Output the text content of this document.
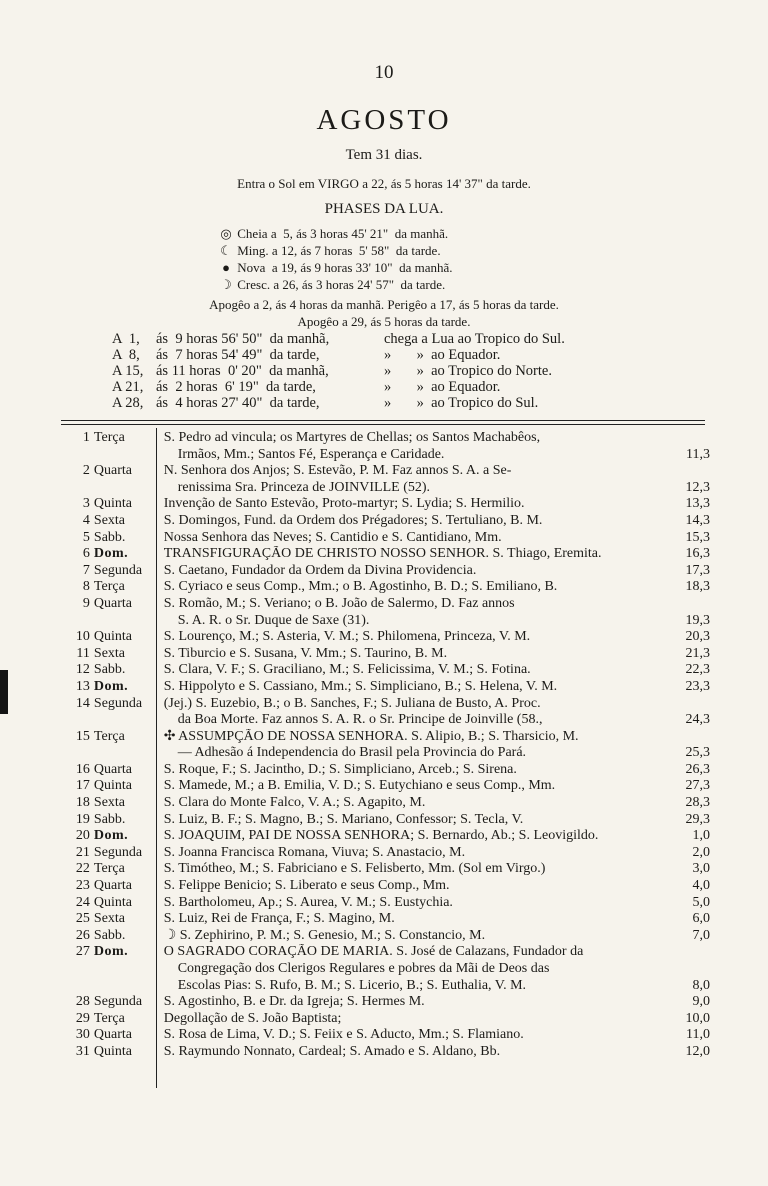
10
AGOSTO
Tem 31 dias.
Entra o Sol em VIRGO a 22, ás 5 horas 14' 37" da tarde.
PHASES DA LUA.
◎ Cheia a  5, ás 3 horas 45' 21"  da manhã.
☾ Ming. a 12, ás 7 horas  5' 58"  da tarde.
● Nova  a 19, ás 9 horas 33' 10"  da manhã.
☽ Cresc. a 26, ás 3 horas 24' 57"  da tarde.
Apogêo a 2, ás 4 horas da manhã. Perigêo a 17, ás 5 horas da tarde.
Apogêo a 29, ás 5 horas da tarde.
A  1, ás  9 horas 56' 50"  da manhã,	chega a Lua ao Tropico do Sul.
A  8, ás  7 horas 54' 49"  da tarde,	»       »  ao Equador.
A 15, ás 11 horas  0' 20"  da manhã,	»       »  ao Tropico do Norte.
A 21, ás  2 horas  6' 19"  da tarde,	»       »  ao Equador.
A 28, ás  4 horas 27' 40"  da tarde,	»       »  ao Tropico do Sul.
1 Terça	S. Pedro ad vincula; os Martyres de Chellas; os Santos Machabêos,
Irmãos, Mm.; Santos Fé, Esperança e Caridade.	11,3
2 Quarta	N. Senhora dos Anjos; S. Estevão, P. M. Faz annos S. A. a Se-
renissima Sra. Princeza de JOINVILLE (52).	12,3
3 Quinta	Invenção de Santo Estevão, Proto-martyr; S. Lydia; S. Hermilio.	13,3
4 Sexta	S. Domingos, Fund. da Ordem dos Prégadores; S. Tertuliano, B. M.	14,3
5 Sabb.	Nossa Senhora das Neves; S. Cantidio e S. Cantidiano, Mm.	15,3
6 Dom.	TRANSFIGURAÇÃO DE CHRISTO NOSSO SENHOR. S. Thiago, Eremita.	16,3
7 Segunda	S. Caetano, Fundador da Ordem da Divina Providencia.	17,3
8 Terça	S. Cyriaco e seus Comp., Mm.; o B. Agostinho, B. D.; S. Emiliano, B.	18,3
9 Quarta	S. Romão, M.; S. Veriano; o B. João de Salermo, D. Faz annos
S. A. R. o Sr. Duque de Saxe (31).	19,3
10 Quinta	S. Lourenço, M.; S. Asteria, V. M.; S. Philomena, Princeza, V. M.	20,3
11 Sexta	S. Tiburcio e S. Susana, V. Mm.; S. Taurino, B. M.	21,3
12 Sabb.	S. Clara, V. F.; S. Graciliano, M.; S. Felicissima, V. M.; S. Fotina.	22,3
13 Dom.	S. Hippolyto e S. Cassiano, Mm.; S. Simpliciano, B.; S. Helena, V. M.	23,3
14 Segunda	(Jej.) S. Euzebio, B.; o B. Sanches, F.; S. Juliana de Busto, A. Proc.
da Boa Morte. Faz annos S. A. R. o Sr. Principe de Joinville (58.,	24,3
15 Terça	✣ ASSUMPÇÃO DE NOSSA SENHORA. S. Alipio, B.; S. Tharsicio, M.
— Adhesão á Independencia do Brasil pela Provincia do Pará.	25,3
16 Quarta	S. Roque, F.; S. Jacintho, D.; S. Simpliciano, Arceb.; S. Sirena.	26,3
17 Quinta	S. Mamede, M.; a B. Emilia, V. D.; S. Eutychiano e seus Comp., Mm.	27,3
18 Sexta	S. Clara do Monte Falco, V. A.; S. Agapito, M.	28,3
19 Sabb.	S. Luiz, B. F.; S. Magno, B.; S. Mariano, Confessor; S. Tecla, V.	29,3
20 Dom.	S. JOAQUIM, PAI DE NOSSA SENHORA; S. Bernardo, Ab.; S. Leovigildo.	1,0
21 Segunda	S. Joanna Francisca Romana, Viuva; S. Anastacio, M.	2,0
22 Terça	S. Timótheo, M.; S. Fabriciano e S. Felisberto, Mm. (Sol em Virgo.)	3,0
23 Quarta	S. Felippe Benicio; S. Liberato e seus Comp., Mm.	4,0
24 Quinta	S. Bartholomeu, Ap.; S. Aurea, V. M.; S. Eustychia.	5,0
25 Sexta	S. Luiz, Rei de França, F.; S. Magino, M.	6,0
26 Sabb.	☽ S. Zephirino, P. M.; S. Genesio, M.; S. Constancio, M.	7,0
27 Dom.	O SAGRADO CORAÇÃO DE MARIA. S. José de Calazans, Fundador da
Congregação dos Clerigos Regulares e pobres da Mãi de Deos das
Escolas Pias: S. Rufo, B. M.; S. Licerio, B.; S. Euthalia, V. M.	8,0
28 Segunda	S. Agostinho, B. e Dr. da Igreja; S. Hermes M.	9,0
29 Terça	Degollação de S. João Baptista;	10,0
30 Quarta	S. Rosa de Lima, V. D.; S. Feiix e S. Aducto, Mm.; S. Flamiano.	11,0
31 Quinta	S. Raymundo Nonnato, Cardeal; S. Amado e S. Aldano, Bb.	12,0
